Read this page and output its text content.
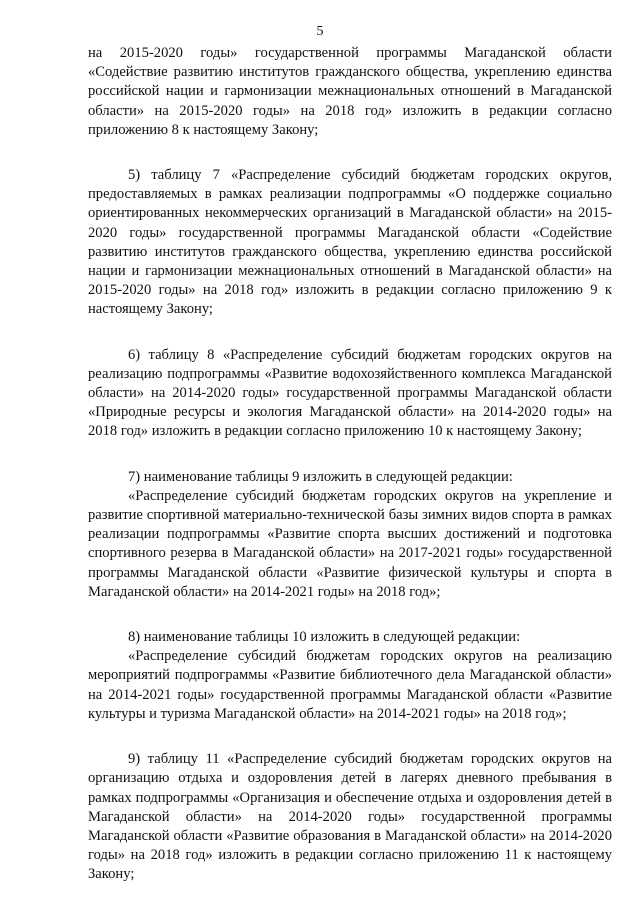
5

на 2015-2020 годы» государственной программы Магаданской области «Содействие развитию институтов гражданского общества, укреплению единства российской нации и гармонизации межнациональных отношений в Магаданской области» на 2015-2020 годы» на 2018 год» изложить в редакции согласно приложению 8 к настоящему Закону;

5) таблицу 7 «Распределение субсидий бюджетам городских округов, предоставляемых в рамках реализации подпрограммы «О поддержке социально ориентированных некоммерческих организаций в Магаданской области» на 2015-2020 годы» государственной программы Магаданской области «Содействие развитию институтов гражданского общества, укреплению единства российской нации и гармонизации межнациональных отношений в Магаданской области» на 2015-2020 годы» на 2018 год» изложить в редакции согласно приложению 9 к настоящему Закону;

6) таблицу 8 «Распределение субсидий бюджетам городских округов на реализацию подпрограммы «Развитие водохозяйственного комплекса Магаданской области» на 2014-2020 годы» государственной программы Магаданской области «Природные ресурсы и экология Магаданской области» на 2014-2020 годы» на 2018 год» изложить в редакции согласно приложению 10 к настоящему Закону;

7) наименование таблицы 9 изложить в следующей редакции:

«Распределение субсидий бюджетам городских округов на укрепление и развитие спортивной материально-технической базы зимних видов спорта в рамках реализации подпрограммы «Развитие спорта высших достижений и подготовка спортивного резерва в Магаданской области» на 2017-2021 годы» государственной программы Магаданской области «Развитие физической культуры и спорта в Магаданской области» на 2014-2021 годы» на 2018 год»;

8) наименование таблицы 10 изложить в следующей редакции:

«Распределение субсидий бюджетам городских округов на реализацию мероприятий подпрограммы «Развитие библиотечного дела Магаданской области» на 2014-2021 годы» государственной программы Магаданской области «Развитие культуры и туризма Магаданской области» на 2014-2021 годы» на 2018 год»;

9) таблицу 11 «Распределение субсидий бюджетам городских округов на организацию отдыха и оздоровления детей в лагерях дневного пребывания в рамках подпрограммы «Организация и обеспечение отдыха и оздоровления детей в Магаданской области» на 2014-2020 годы» государственной программы Магаданской области «Развитие образования в Магаданской области» на 2014-2020 годы» на 2018 год» изложить в редакции согласно приложению 11 к настоящему Закону;
